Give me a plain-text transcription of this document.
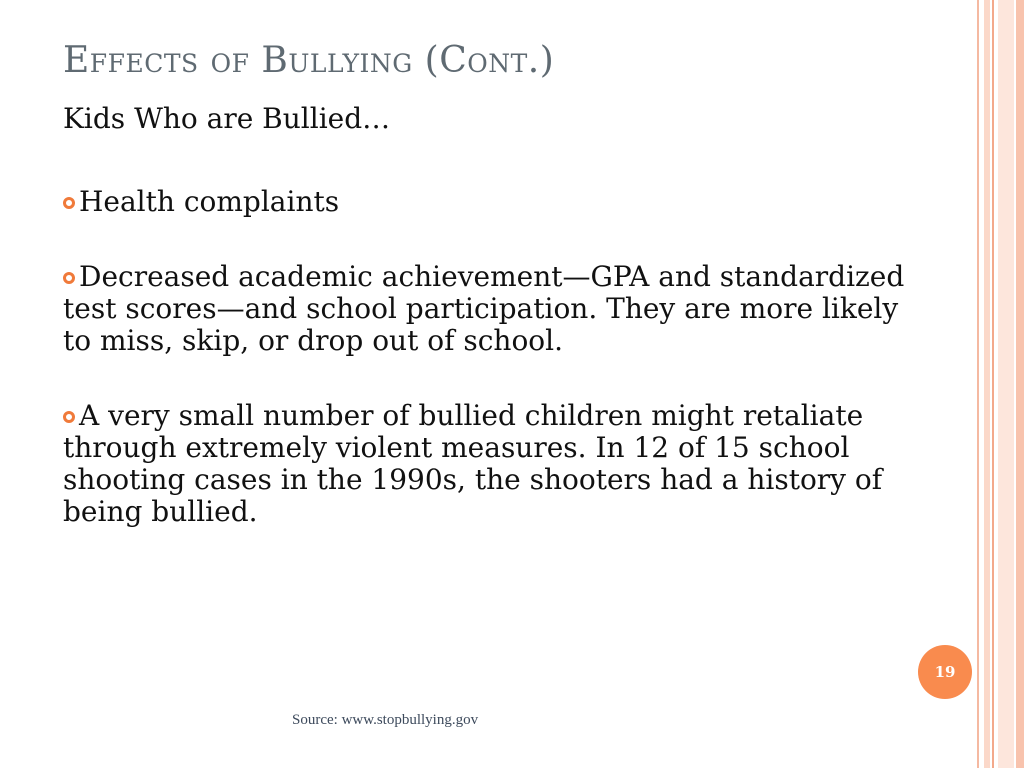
Effects of Bullying (Cont.)

Kids Who are Bullied…

Health complaints
Decreased academic achievement—GPA and standardized test scores—and school participation. They are more likely to miss, skip, or drop out of school.
A very small number of bullied children might retaliate through extremely violent measures. In 12 of 15 school shooting cases in the 1990s, the shooters had a history of being bullied.
19
Source: www.stopbullying.gov
